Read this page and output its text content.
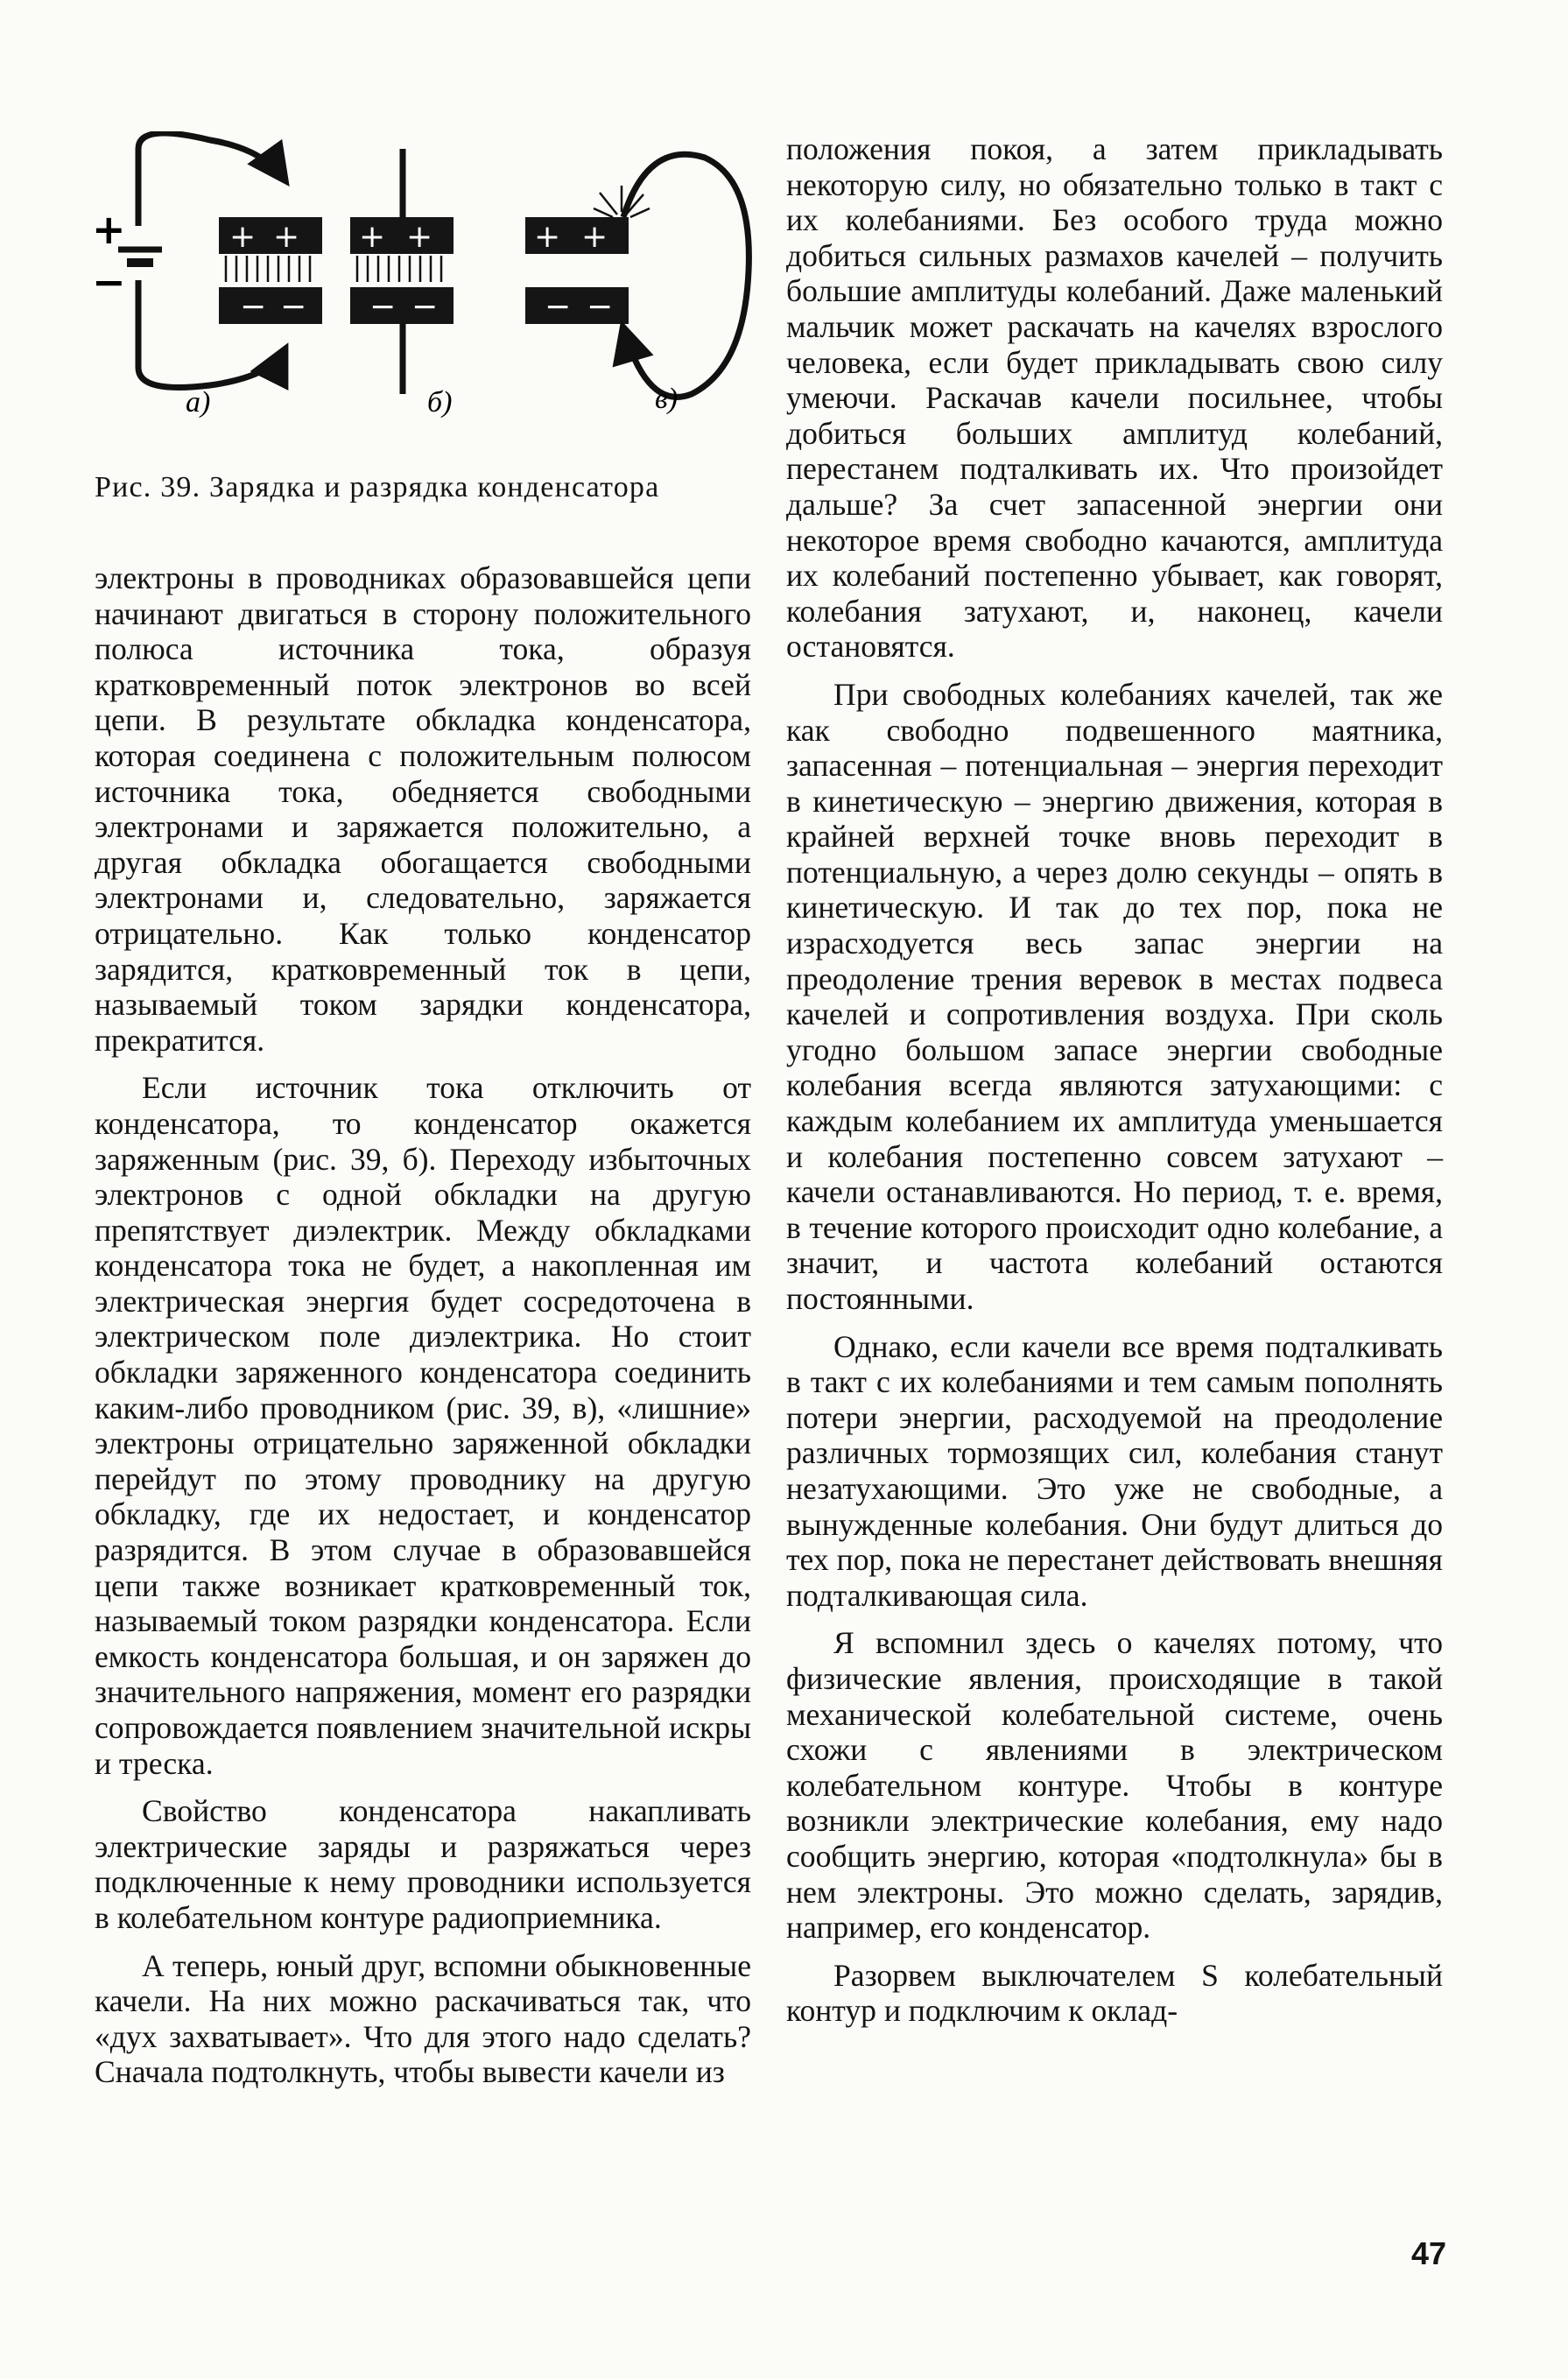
+
−
+ +
− −
а)
+ +
− −
б)
+ +
− −
в)
Рис. 39. Зарядка и разрядка конденсатора

электроны в проводниках образовавшейся цепи начинают двигаться в сторону положительного полюса источника тока, образуя кратковременный поток электронов во всей цепи. В результате обкладка конденсатора, которая соединена с положительным полюсом источника тока, обедняется свободными электронами и заряжается положительно, а другая обкладка обогащается свободными электронами и, следовательно, заряжается отрицательно. Как только конденсатор зарядится, кратковременный ток в цепи, называемый током зарядки конденсатора, прекратится.

Если источник тока отключить от конденсатора, то конденсатор окажется заряженным (рис. 39, б). Переходу избыточных электронов с одной обкладки на другую препятствует диэлектрик. Между обкладками конденсатора тока не будет, а накопленная им электрическая энергия будет сосредоточена в электрическом поле диэлектрика. Но стоит обкладки заряженного конденсатора соединить каким-либо проводником (рис. 39, в), «лишние» электроны отрицательно заряженной обкладки перейдут по этому проводнику на другую обкладку, где их недостает, и конденсатор разрядится. В этом случае в образовавшейся цепи также возникает кратковременный ток, называемый током разрядки конденсатора. Если емкость конденсатора большая, и он заряжен до значительного напряжения, момент его разрядки сопровождается появлением значительной искры и треска.

Свойство конденсатора накапливать электрические заряды и разряжаться через подключенные к нему проводники используется в колебательном контуре радиоприемника.

А теперь, юный друг, вспомни обыкновенные качели. На них можно раскачиваться так, что «дух захватывает». Что для этого надо сделать? Сначала подтолкнуть, чтобы вывести качели из

положения покоя, а затем прикладывать некоторую силу, но обязательно только в такт с их колебаниями. Без особого труда можно добиться сильных размахов качелей – получить большие амплитуды колебаний. Даже маленький мальчик может раскачать на качелях взрослого человека, если будет прикладывать свою силу умеючи. Раскачав качели посильнее, чтобы добиться больших амплитуд колебаний, перестанем подталкивать их. Что произойдет дальше? За счет запасенной энергии они некоторое время свободно качаются, амплитуда их колебаний постепенно убывает, как говорят, колебания затухают, и, наконец, качели остановятся.

При свободных колебаниях качелей, так же как свободно подвешенного маятника, запасенная – потенциальная – энергия переходит в кинетическую – энергию движения, которая в крайней верхней точке вновь переходит в потенциальную, а через долю секунды – опять в кинетическую. И так до тех пор, пока не израсходуется весь запас энергии на преодоление трения веревок в местах подвеса качелей и сопротивления воздуха. При сколь угодно большом запасе энергии свободные колебания всегда являются затухающими: с каждым колебанием их амплитуда уменьшается и колебания постепенно совсем затухают – качели останавливаются. Но период, т. е. время, в течение которого происходит одно колебание, а значит, и частота колебаний остаются постоянными.

Однако, если качели все время подталкивать в такт с их колебаниями и тем самым пополнять потери энергии, расходуемой на преодоление различных тормозящих сил, колебания станут незатухающими. Это уже не свободные, а вынужденные колебания. Они будут длиться до тех пор, пока не перестанет действовать внешняя подталкивающая сила.

Я вспомнил здесь о качелях потому, что физические явления, происходящие в такой механической колебательной системе, очень схожи с явлениями в электрическом колебательном контуре. Чтобы в контуре возникли электрические колебания, ему надо сообщить энергию, которая «подтолкнула» бы в нем электроны. Это можно сделать, зарядив, например, его конденсатор.

Разорвем выключателем S колебательный контур и подключим к оклад-

47
